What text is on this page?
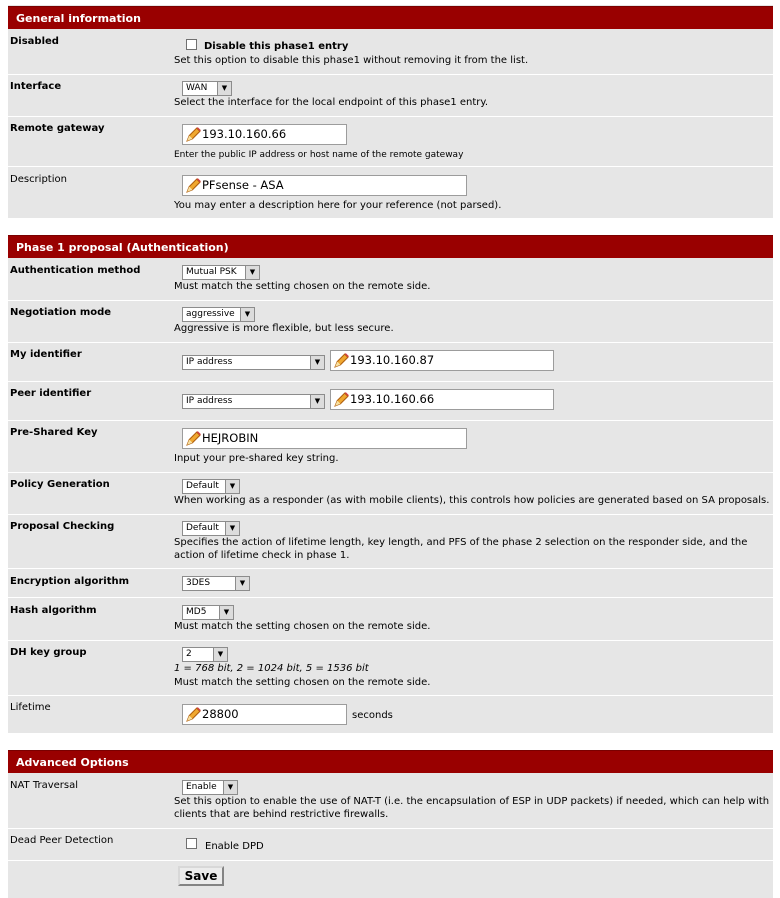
General information
Disabled	Disable this phase1 entry
Set this option to disable this phase1 without removing it from the list.
Interface	WAN	▼
Select the interface for the local endpoint of this phase1 entry.
Remote gateway	193.10.160.66
Enter the public IP address or host name of the remote gateway
Description	PFsense - ASA
You may enter a description here for your reference (not parsed).
Phase 1 proposal (Authentication)
Authentication method	Mutual PSK	▼
Must match the setting chosen on the remote side.
Negotiation mode	aggressive	▼
Aggressive is more flexible, but less secure.
My identifier
IP address	▼	193.10.160.87
Peer identifier
IP address	▼	193.10.160.66
Pre-Shared Key	HEJROBIN
Input your pre-shared key string.
Policy Generation	Default	▼
When working as a responder (as with mobile clients), this controls how policies are generated based on SA proposals.
Proposal Checking	Default	▼
Specifies the action of lifetime length, key length, and PFS of the phase 2 selection on the responder side, and the
action of lifetime check in phase 1.
Encryption algorithm	3DES	▼
Hash algorithm	MD5	▼
Must match the setting chosen on the remote side.
DH key group	2	▼
1 = 768 bit, 2 = 1024 bit, 5 = 1536 bit
Must match the setting chosen on the remote side.
Lifetime	28800	seconds
Advanced Options
NAT Traversal	Enable	▼
Set this option to enable the use of NAT-T (i.e. the encapsulation of ESP in UDP packets) if needed, which can help with
clients that are behind restrictive firewalls.
Dead Peer Detection
Enable DPD
Save
